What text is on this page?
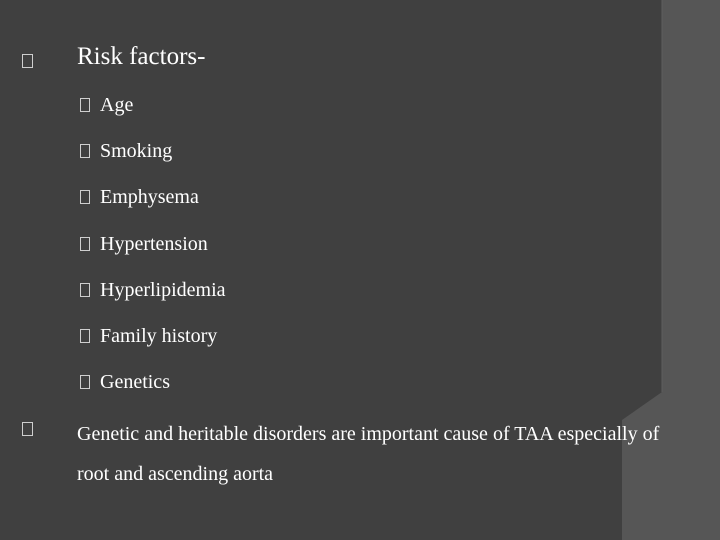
Risk factors-
Age
Smoking
Emphysema
Hypertension
Hyperlipidemia
Family history
Genetics
Genetic and heritable disorders are important cause of TAA especially of root and ascending aorta
